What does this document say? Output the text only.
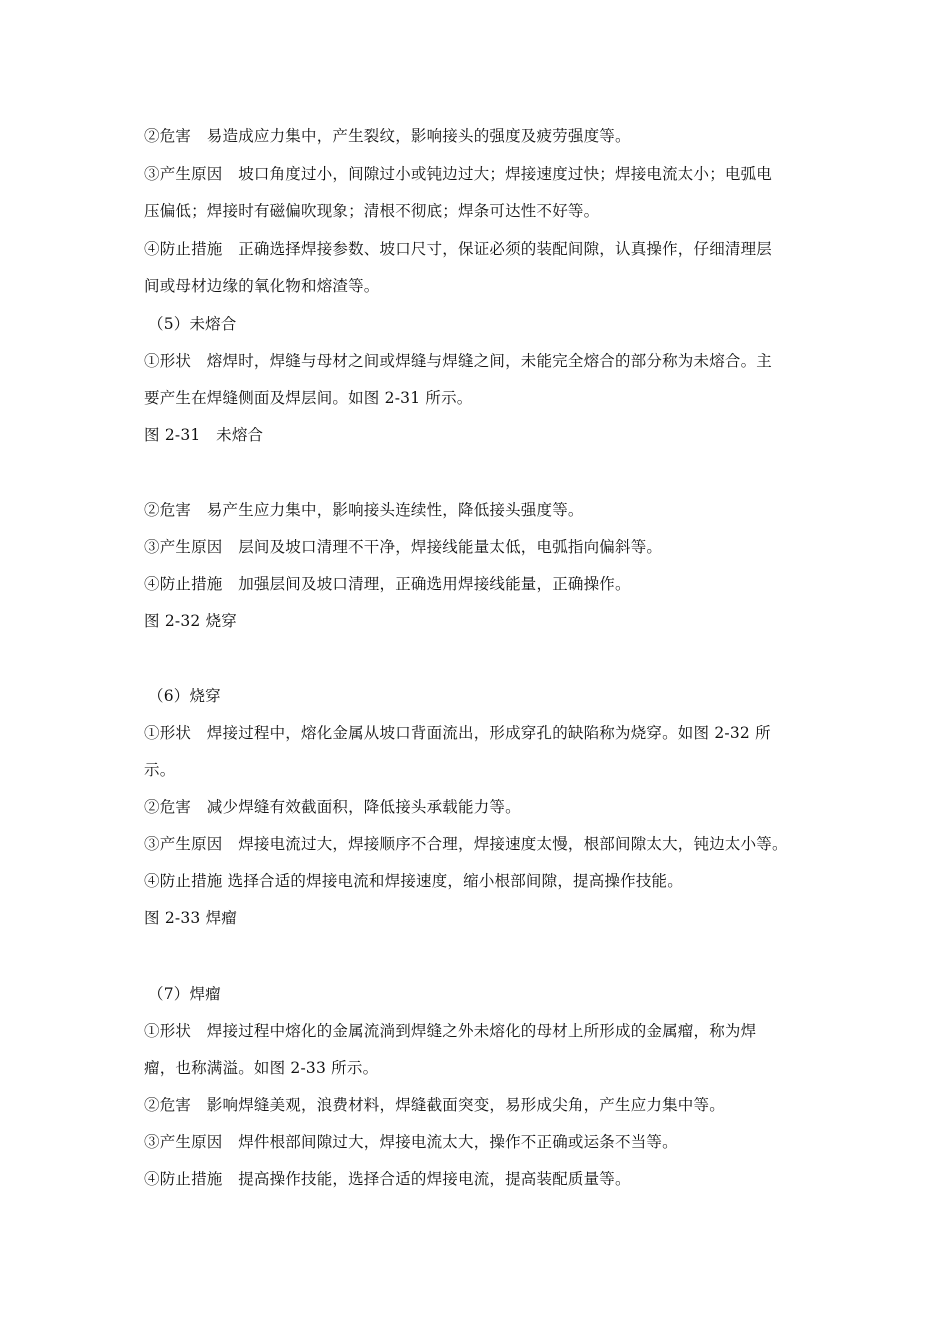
②危害　易造成应力集中，产生裂纹，影响接头的强度及疲劳强度等。
③产生原因　坡口角度过小，间隙过小或钝边过大；焊接速度过快；焊接电流太小；电弧电
压偏低；焊接时有磁偏吹现象；清根不彻底；焊条可达性不好等。
④防止措施　正确选择焊接参数、坡口尺寸，保证必须的装配间隙，认真操作，仔细清理层
间或母材边缘的氧化物和熔渣等。
（5）未熔合
①形状　熔焊时，焊缝与母材之间或焊缝与焊缝之间，未能完全熔合的部分称为未熔合。主
要产生在焊缝侧面及焊层间。如图 2-31 所示。
图 2-31　未熔合
②危害　易产生应力集中，影响接头连续性，降低接头强度等。
③产生原因　层间及坡口清理不干净，焊接线能量太低，电弧指向偏斜等。
④防止措施　加强层间及坡口清理，正确选用焊接线能量，正确操作。
图 2-32 烧穿
（6）烧穿
①形状　焊接过程中，熔化金属从坡口背面流出，形成穿孔的缺陷称为烧穿。如图 2-32 所
示。
②危害　减少焊缝有效截面积，降低接头承载能力等。
③产生原因　焊接电流过大，焊接顺序不合理，焊接速度太慢，根部间隙太大，钝边太小等。
④防止措施 选择合适的焊接电流和焊接速度，缩小根部间隙，提高操作技能。
图 2-33 焊瘤
（7）焊瘤
①形状　焊接过程中熔化的金属流淌到焊缝之外未熔化的母材上所形成的金属瘤，称为焊
瘤，也称满溢。如图 2-33 所示。
②危害　影响焊缝美观，浪费材料，焊缝截面突变，易形成尖角，产生应力集中等。
③产生原因　焊件根部间隙过大，焊接电流太大，操作不正确或运条不当等。
④防止措施　提高操作技能，选择合适的焊接电流，提高装配质量等。
